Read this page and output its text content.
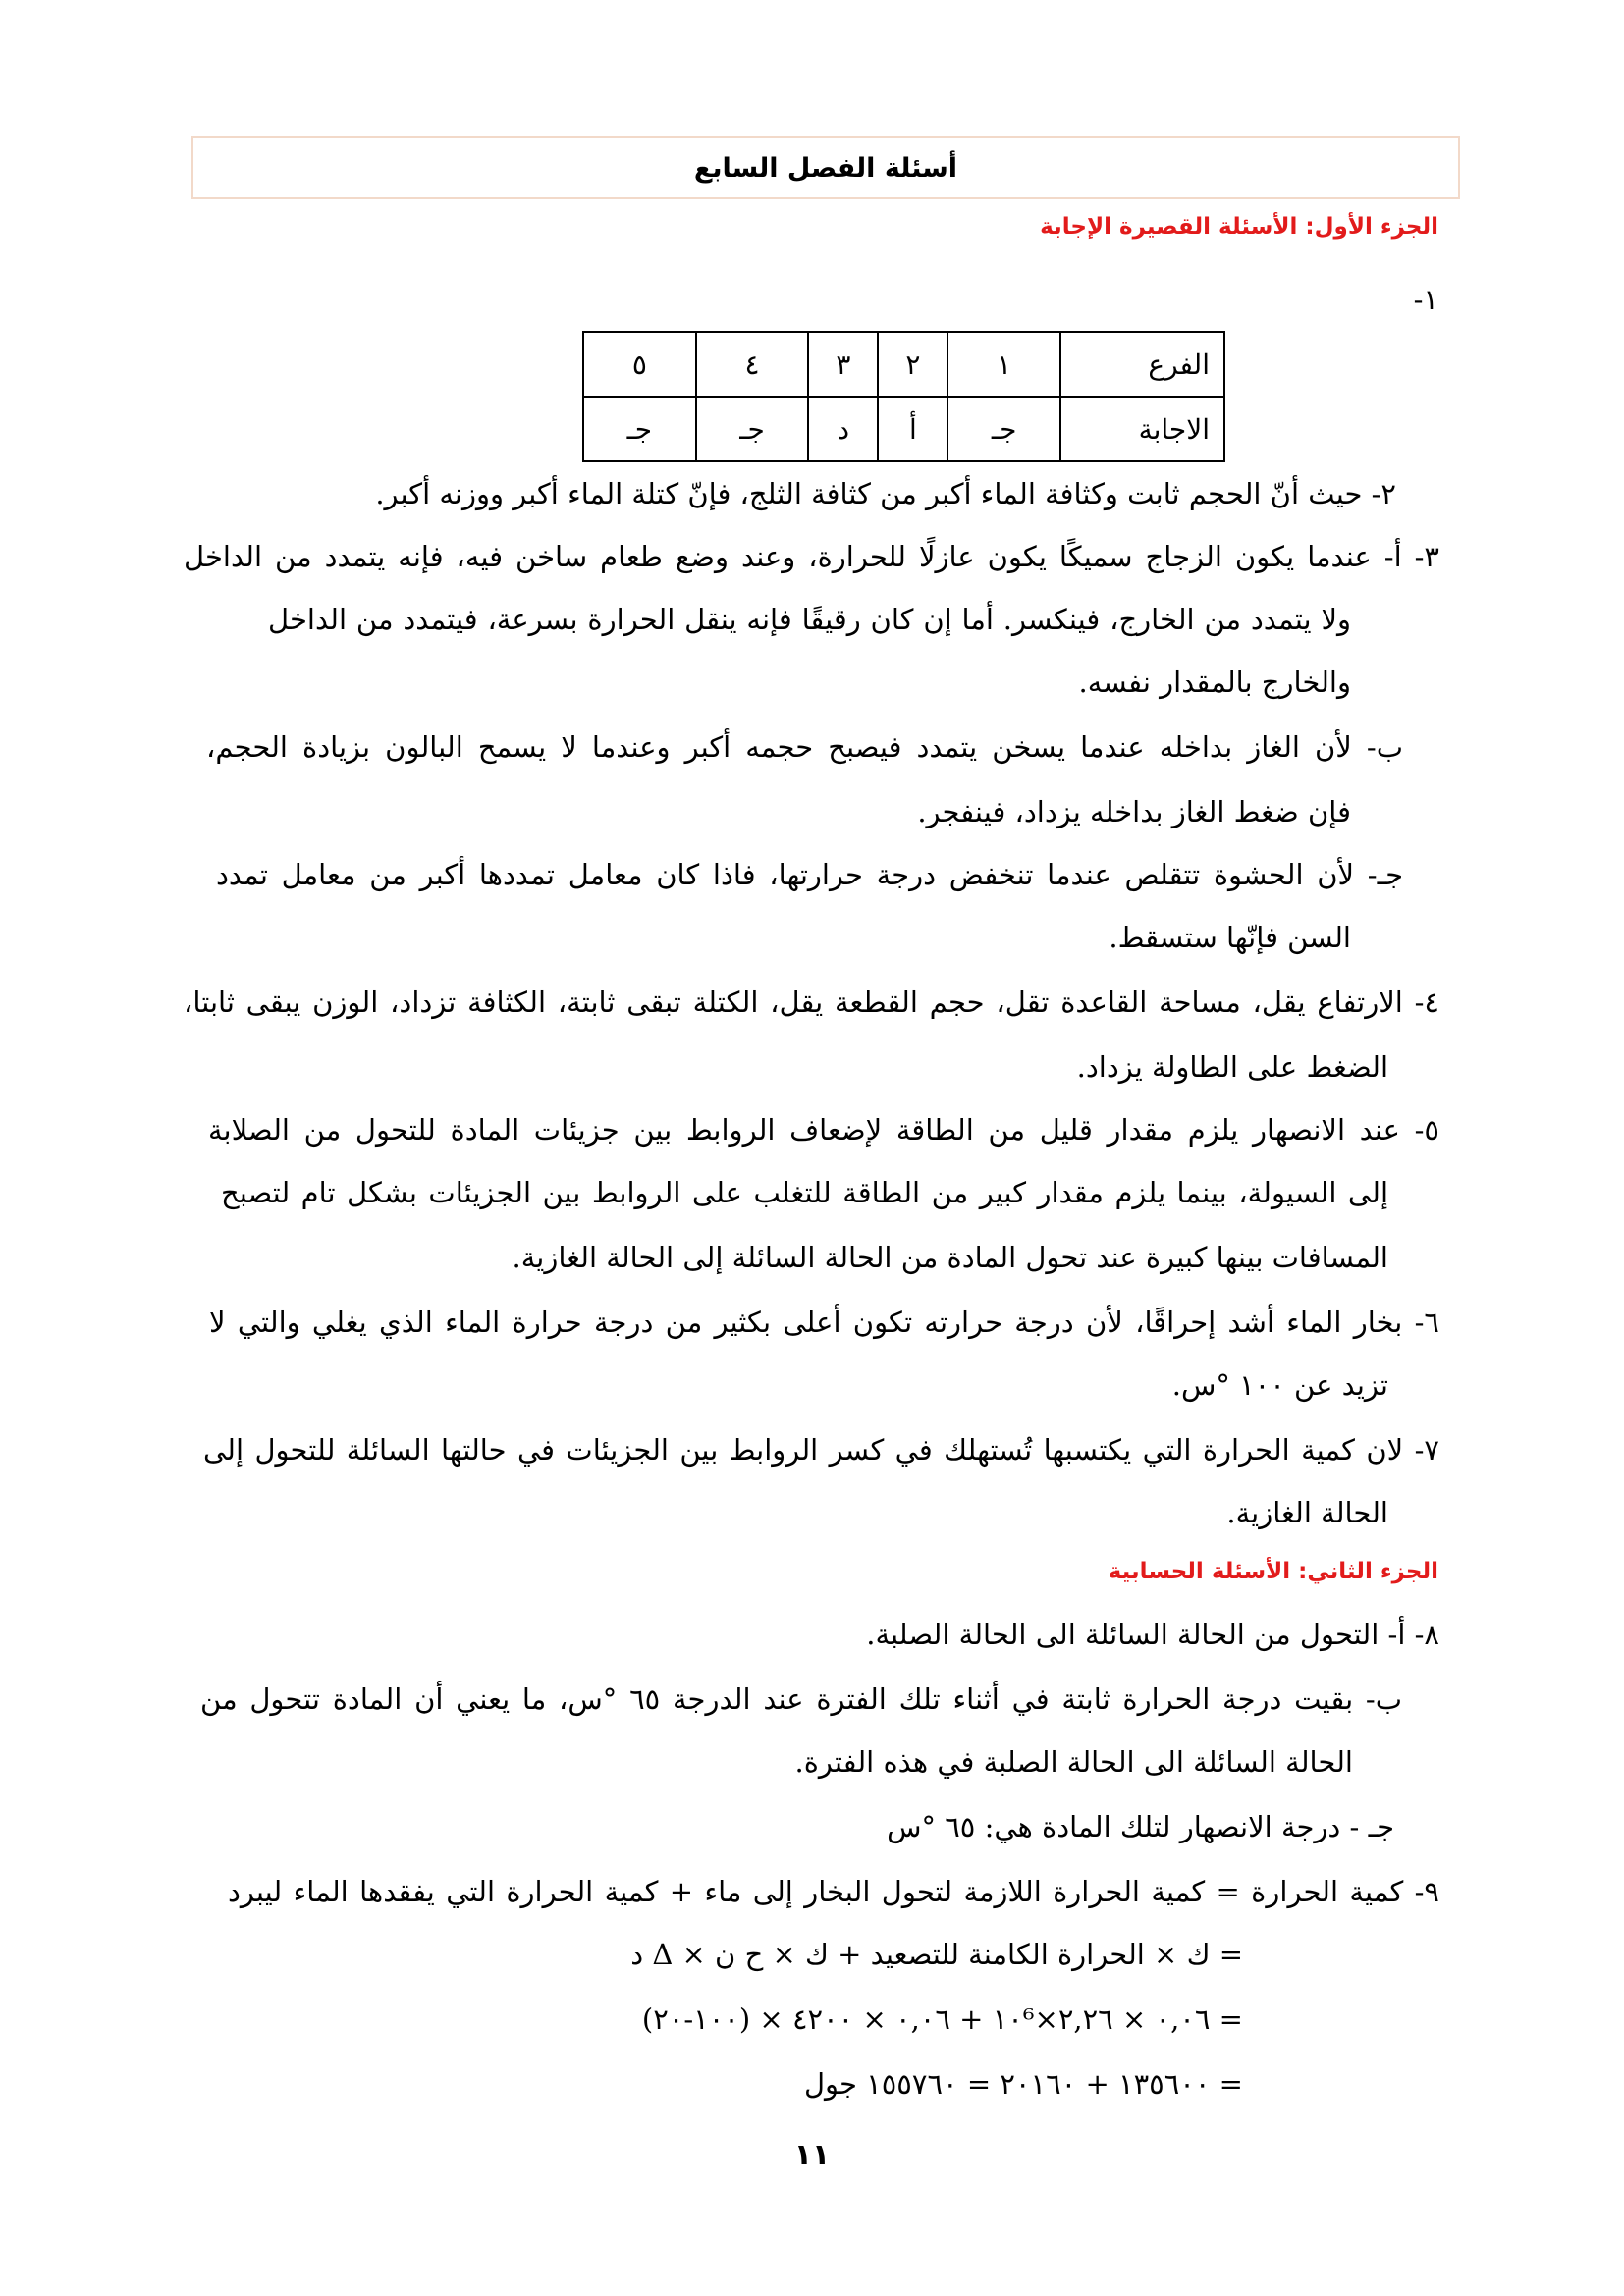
أسئلة الفصل السابع
الجزء الأول: الأسئلة القصيرة الإجابة
١-
الفرع	١	٢	٣	٤	٥
الاجابة	جـ	أ	د	جـ	جـ
٢- حيث أنّ الحجم ثابت وكثافة الماء أكبر من كثافة الثلج، فإنّ كتلة الماء أكبر ووزنه أكبر.
٣- أ- عندما يكون الزجاج سميكًا يكون عازلًا للحرارة، وعند وضع طعام ساخن فيه، فإنه يتمدد من الداخل
ولا يتمدد من الخارج، فينكسر. أما إن كان رقيقًا فإنه ينقل الحرارة بسرعة، فيتمدد من الداخل
والخارج بالمقدار نفسه.
ب- لأن الغاز بداخله عندما يسخن يتمدد فيصبح حجمه أكبر وعندما لا يسمح البالون بزيادة الحجم،
فإن ضغط الغاز بداخله يزداد، فينفجر.
جـ- لأن الحشوة تتقلص عندما تنخفض درجة حرارتها، فاذا كان معامل تمددها أكبر من معامل تمدد
السن فإنّها ستسقط.
٤- الارتفاع يقل، مساحة القاعدة تقل، حجم القطعة يقل، الكتلة تبقى ثابتة، الكثافة تزداد، الوزن يبقى ثابتا،
الضغط على الطاولة يزداد.
٥- عند الانصهار يلزم مقدار قليل من الطاقة لإضعاف الروابط بين جزيئات المادة للتحول من الصلابة
إلى السيولة، بينما يلزم مقدار كبير من الطاقة للتغلب على الروابط بين الجزيئات بشكل تام لتصبح
المسافات بينها كبيرة عند تحول المادة من الحالة السائلة إلى الحالة الغازية.
٦- بخار الماء أشد إحراقًا، لأن درجة حرارته تكون أعلى بكثير من درجة حرارة الماء الذي يغلي والتي لا
تزيد عن ١٠٠ °س.
٧- لان كمية الحرارة التي يكتسبها تُستهلك في كسر الروابط بين الجزيئات في حالتها السائلة للتحول إلى
الحالة الغازية.
الجزء الثاني: الأسئلة الحسابية
٨- أ- التحول من الحالة السائلة الى الحالة الصلبة.
ب- بقيت درجة الحرارة ثابتة في أثناء تلك الفترة عند الدرجة ٦٥ °س، ما يعني أن المادة تتحول من
الحالة السائلة الى الحالة الصلبة في هذه الفترة.
جـ - درجة الانصهار لتلك المادة هي: ٦٥ °س
٩- كمية الحرارة = كمية الحرارة اللازمة لتحول البخار إلى ماء + كمية الحرارة التي يفقدها الماء ليبرد
= ك × الحرارة الكامنة للتصعيد + ك × ح ن × Δ د
= ٠,٠٦ × ٢,٢٦×١٠⁶ + ٠,٠٦ × ٤٢٠٠ × (١٠٠-٢٠)
= ١٣٥٦٠٠ + ٢٠١٦٠ = ١٥٥٧٦٠ جول
١١
